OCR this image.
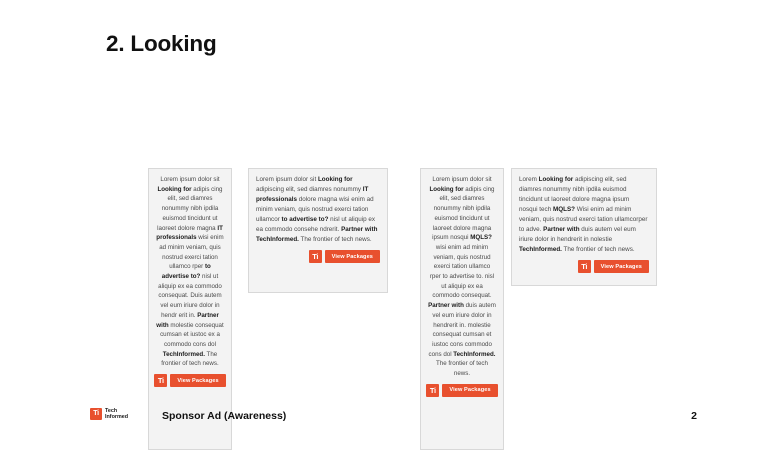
2. Looking
Lorem ipsum dolor sit Looking for adipis cing elit, sed diamres nonummy nibh ipdila euismod tincidunt ut laoreet dolore magna IT professionals wisi enim ad minim veniam, quis nostrud exerci tation ullamco rper to advertise to? nisl ut aliquip ex ea commodo consequat. Duis autem vel eum iriure dolor in hendr erit in. Partner with molestie consequat cumsan et iustoc ex a commodo cons dol TechInformed. The frontier of tech news.
Ti	View Packages
Lorem ipsum dolor sit Looking for adipiscing elit, sed diamres nonummy IT professionals dolore magna wisi enim ad minim veniam, quis nostrud exerci tation ullamcor to advertise to? nisl ut aliquip ex ea commodo consehe ndrerit. Partner with TechInformed. The frontier of tech news.
Ti	View Packages
Lorem ipsum dolor sit Looking for adipis cing elit, sed diamres nonummy nibh ipdila euismod tincidunt ut laoreet dolore magna ipsum nosqui MQLS? wisi enim ad minim veniam, quis nostrud exerci tation ullamco rper to advertise to. nisl ut aliquip ex ea commodo consequat. Partner with duis autem vel eum iriure dolor in hendrerit in. molestie consequat cumsan et iustoc cons commodo cons dol TechInformed. The frontier of tech news.
Ti	View Packages
Lorem Looking for adipiscing elit, sed diamres nonummy nibh ipdila euismod tincidunt ut laoreet dolore magna ipsum nosqui tech MQLS? Wisi enim ad minim veniam, quis nostrud exerci tation ullamcorper to adve. Partner with duis autem vel eum iriure dolor in hendrerit in nolestie TechInformed. The frontier of tech news.
Ti	View Packages
Ti	Tech
Informed	Sponsor Ad (Awareness)	2
